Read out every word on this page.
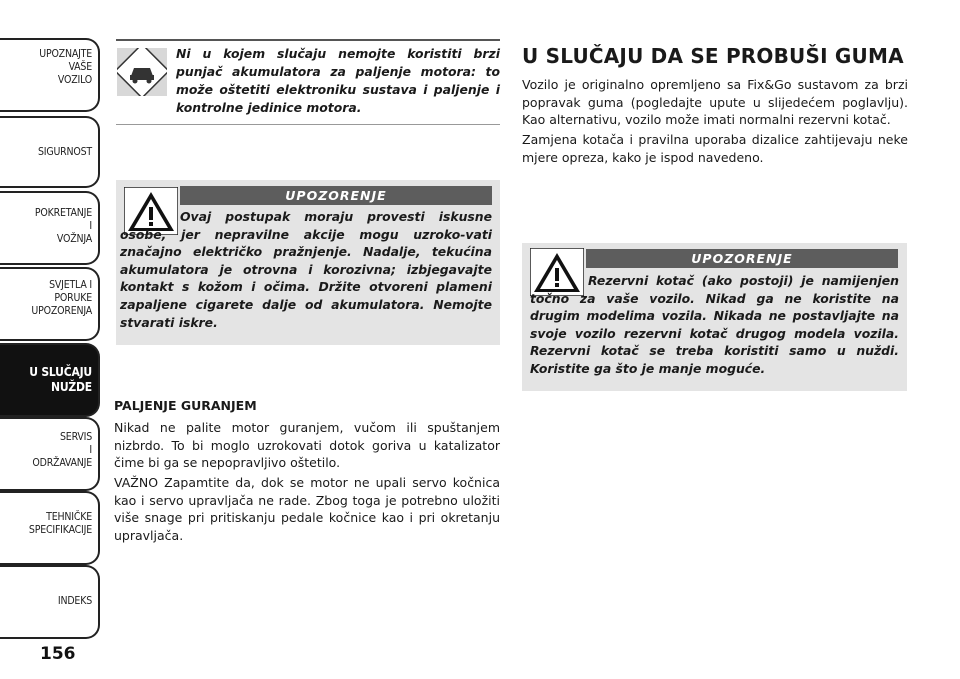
UPOZNAJTE
VAŠE
VOZILO
SIGURNOST
POKRETANJE
I
VOŽNJA
SVJETLA I
PORUKE
UPOZORENJA
U SLUČAJU
NUŽDE
SERVIS
I
ODRŽAVANJE
TEHNIČKE
SPECIFIKACIJE
INDEKS
156
Ni u kojem slučaju nemojte koristiti brzi punjač akumulatora za paljenje motora: to može oštetiti elektroniku sustava i paljenje i kontrolne jedinice motora.
UPOZORENJE
Ovaj postupak moraju provesti iskusne osobe, jer nepravilne akcije mogu uzroko-vati značajno električko pražnjenje. Nadalje, tekućina akumulatora je otrovna i korozivna; izbjegavajte kontakt s kožom i očima. Držite otvoreni plameni zapaljene cigarete dalje od akumulatora. Nemojte stvarati iskre.
PALJENJE GURANJEM
Nikad ne palite motor guranjem, vučom ili spuštanjem nizbrdo. To bi moglo uzrokovati dotok goriva u katalizator čime bi ga se nepopravljivo oštetilo.
VAŽNO Zapamtite da, dok se motor ne upali servo kočnica kao i servo upravljača ne rade. Zbog toga je potrebno uložiti više snage pri pritiskanju pedale kočnice kao i pri okretanju upravljača.
U SLUČAJU DA SE PROBUŠI GUMA
Vozilo je originalno opremljeno sa Fix&Go sustavom za brzi popravak guma (pogledajte upute u slijedećem poglavlju). Kao alternativu, vozilo može imati normalni rezervni kotač.
Zamjena kotača i pravilna uporaba dizalice zahtijevaju neke mjere opreza, kako je ispod navedeno.
UPOZORENJE
Rezervni kotač (ako postoji) je namijenjen točno za vaše vozilo. Nikad ga ne koristite na drugim modelima vozila. Nikada ne postavljajte na svoje vozilo rezervni kotač drugog modela vozila. Rezervni kotač se treba koristiti samo u nuždi. Koristite ga što je manje moguće.
